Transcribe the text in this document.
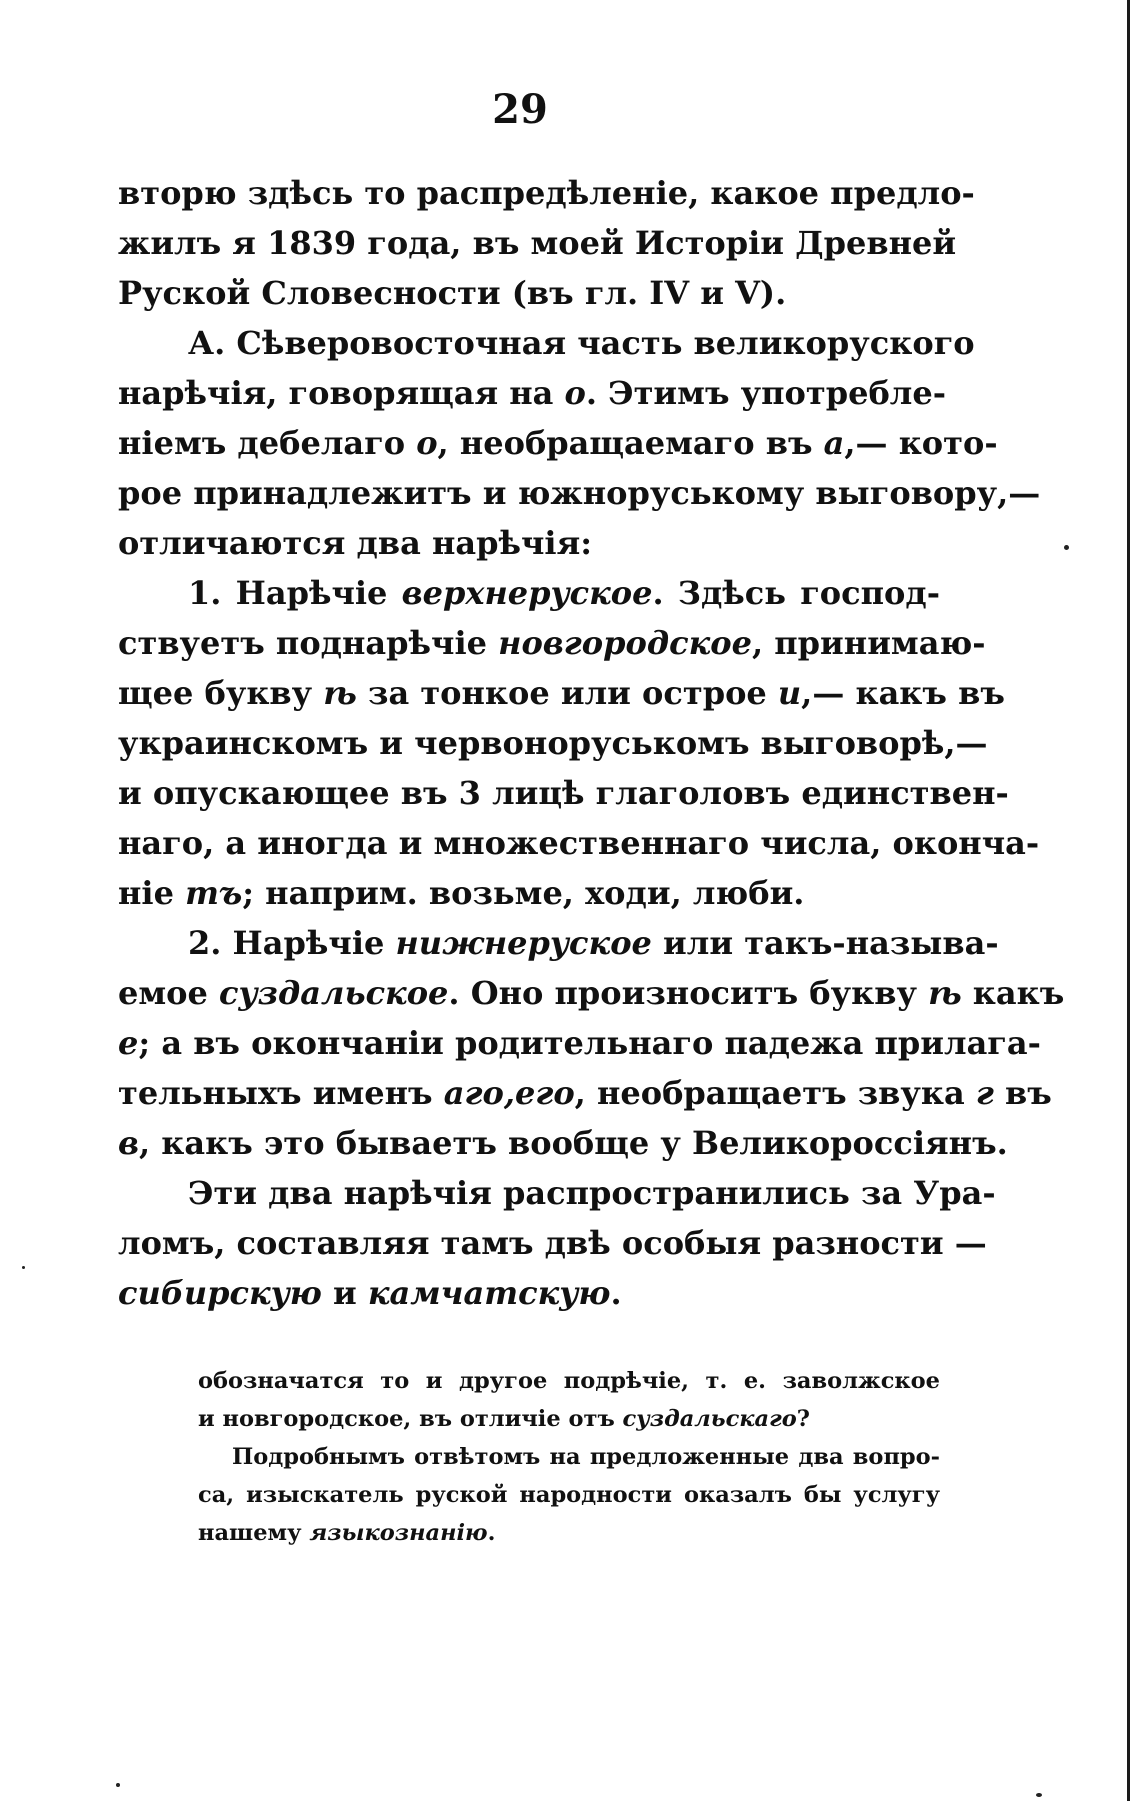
29
вторю здѣсь то распредѣленіе, какое предло-
жилъ я 1839 года, въ моей Исторіи Древней
Руской Словесности (въ гл. IV и V).
А. Сѣверовосточная часть великоруского
нарѣчія, говорящая на о. Этимъ употребле-
ніемъ дебелаго о, необращаемаго въ а,— кото-
рое принадлежитъ и южноруському выговору,—
отличаются два нарѣчія:
1. Нарѣчіе верхнеруское. Здѣсь господ-
ствуетъ поднарѣчіе новгородское, принимаю-
щее букву ѣ за тонкое или острое и,— какъ въ
украинскомъ и червоноруськомъ выговорѣ,—
и опускающее въ 3 лицѣ глаголовъ единствен-
наго, а иногда и множественнаго числа, оконча-
ніе тъ; наприм. возьме, ходи, люби.
2. Нарѣчіе нижнеруское или такъ-называ-
емое суздальское. Оно произноситъ букву ѣ какъ
е; а въ окончаніи родительнаго падежа прилага-
тельныхъ именъ аго,его, необращаетъ звука г въ
в, какъ это бываетъ вообще у Великороссіянъ.
Эти два нарѣчія распространились за Ура-
ломъ, составляя тамъ двѣ особыя разности —
сибирскую и камчатскую.
обозначатся то и другое подрѣчіе, т. е. заволжское
и новгородское, въ отличіе отъ суздальскаго?
Подробнымъ отвѣтомъ на предложенные два вопро-
са, изыскатель руской народности оказалъ бы услугу
нашему языкознанію.
